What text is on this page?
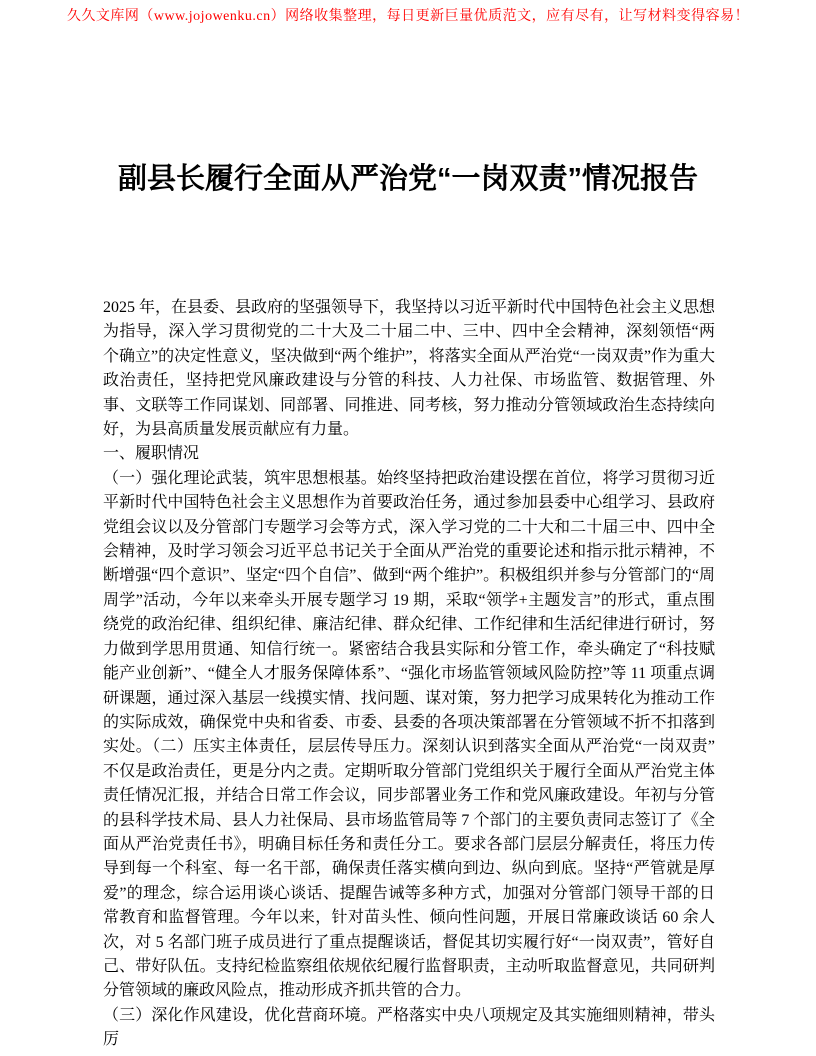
久久文库网（www.jojowenku.cn）网络收集整理，每日更新巨量优质范文，应有尽有，让写材料变得容易！
副县长履行全面从严治党“一岗双责”情况报告

2025 年，在县委、县政府的坚强领导下，我坚持以习近平新时代中国特色社会主义思想为指导，深入学习贯彻党的二十大及二十届二中、三中、四中全会精神，深刻领悟“两个确立”的决定性意义，坚决做到“两个维护”，将落实全面从严治党“一岗双责”作为重大政治责任，坚持把党风廉政建设与分管的科技、人力社保、市场监管、数据管理、外事、文联等工作同谋划、同部署、同推进、同考核，努力推动分管领域政治生态持续向好，为县高质量发展贡献应有力量。

一、履职情况

（一）强化理论武装，筑牢思想根基。始终坚持把政治建设摆在首位，将学习贯彻习近平新时代中国特色社会主义思想作为首要政治任务，通过参加县委中心组学习、县政府党组会议以及分管部门专题学习会等方式，深入学习党的二十大和二十届三中、四中全会精神，及时学习领会习近平总书记关于全面从严治党的重要论述和指示批示精神，不断增强“四个意识”、坚定“四个自信”、做到“两个维护”。积极组织并参与分管部门的“周周学”活动，今年以来牵头开展专题学习 19 期，采取“领学+主题发言”的形式，重点围绕党的政治纪律、组织纪律、廉洁纪律、群众纪律、工作纪律和生活纪律进行研讨，努力做到学思用贯通、知信行统一。紧密结合我县实际和分管工作，牵头确定了“科技赋能产业创新”、“健全人才服务保障体系”、“强化市场监管领域风险防控”等 11 项重点调研课题，通过深入基层一线摸实情、找问题、谋对策，努力把学习成果转化为推动工作的实际成效，确保党中央和省委、市委、县委的各项决策部署在分管领域不折不扣落到实处。（二）压实主体责任，层层传导压力。深刻认识到落实全面从严治党“一岗双责”不仅是政治责任，更是分内之责。定期听取分管部门党组织关于履行全面从严治党主体责任情况汇报，并结合日常工作会议，同步部署业务工作和党风廉政建设。年初与分管的县科学技术局、县人力社保局、县市场监管局等 7 个部门的主要负责同志签订了《全面从严治党责任书》，明确目标任务和责任分工。要求各部门层层分解责任，将压力传导到每一个科室、每一名干部，确保责任落实横向到边、纵向到底。坚持“严管就是厚爱”的理念，综合运用谈心谈话、提醒告诫等多种方式，加强对分管部门领导干部的日常教育和监督管理。今年以来，针对苗头性、倾向性问题，开展日常廉政谈话 60 余人次，对 5 名部门班子成员进行了重点提醒谈话，督促其切实履行好“一岗双责”，管好自己、带好队伍。支持纪检监察组依规依纪履行监督职责，主动听取监督意见，共同研判分管领域的廉政风险点，推动形成齐抓共管的合力。

（三）深化作风建设，优化营商环境。严格落实中央八项规定及其实施细则精神，带头厉
